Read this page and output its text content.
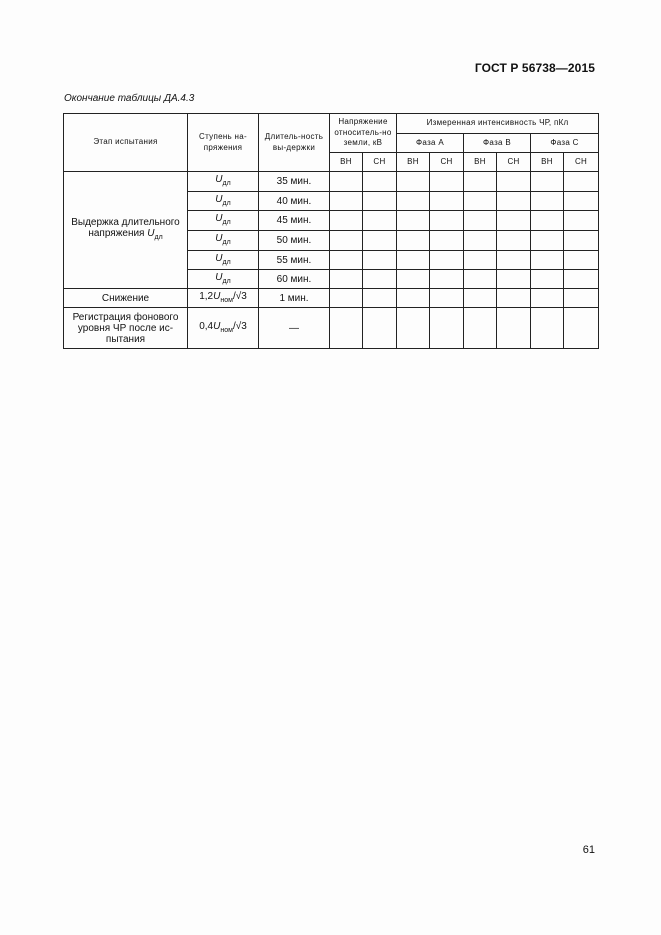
ГОСТ Р 56738—2015
Окончание таблицы ДА.4.3
Этап испытания	Ступень на-пряжения	Длитель-ность вы-держки	Напряжение относитель-но земли, кВ		Измеренная интенсивность ЧР, пКл					
					Фаза А		Фаза В		Фаза С	
			ВН	СН	ВН	СН	ВН	СН	ВН	СН
Выдержка длительного напряжения $U_{дл}$	$U_{дл}$	35 мин.								
	$U_{дл}$	40 мин.								
	$U_{дл}$	45 мин.								
	$U_{дл}$	50 мин.								
	$U_{дл}$	55 мин.								
	$U_{дл}$	60 мин.								
Снижение	$1,2U_{ном}/√3$	1 мин.								
Регистрация фонового уровня ЧР после ис-пытания	$0,4U_{ном}/√3$	—								
61
